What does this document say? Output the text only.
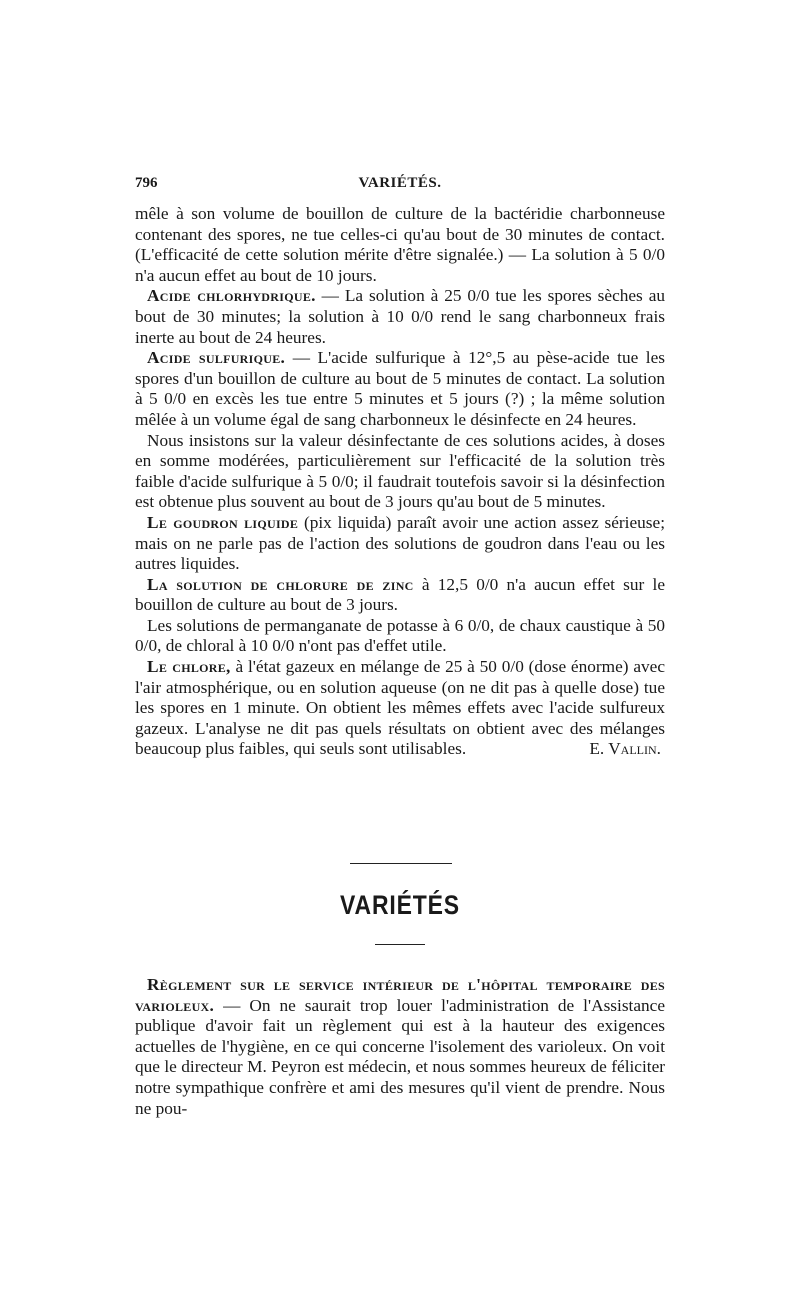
796	VARIÉTÉS.

mêle à son volume de bouillon de culture de la bactéridie charbonneuse contenant des spores, ne tue celles-ci qu'au bout de 30 minutes de contact. (L'efficacité de cette solution mérite d'être signalée.) — La solution à 5 0/0 n'a aucun effet au bout de 10 jours.

Acide chlorhydrique. — La solution à 25 0/0 tue les spores sèches au bout de 30 minutes; la solution à 10 0/0 rend le sang charbonneux frais inerte au bout de 24 heures.

Acide sulfurique. — L'acide sulfurique à 12°,5 au pèse-acide tue les spores d'un bouillon de culture au bout de 5 minutes de contact. La solution à 5 0/0 en excès les tue entre 5 minutes et 5 jours (?) ; la même solution mêlée à un volume égal de sang charbonneux le désinfecte en 24 heures.

Nous insistons sur la valeur désinfectante de ces solutions acides, à doses en somme modérées, particulièrement sur l'efficacité de la solution très faible d'acide sulfurique à 5 0/0; il faudrait toutefois savoir si la désinfection est obtenue plus souvent au bout de 3 jours qu'au bout de 5 minutes.

Le goudron liquide (pix liquida) paraît avoir une action assez sérieuse; mais on ne parle pas de l'action des solutions de goudron dans l'eau ou les autres liquides.

La solution de chlorure de zinc à 12,5 0/0 n'a aucun effet sur le bouillon de culture au bout de 3 jours.

Les solutions de permanganate de potasse à 6 0/0, de chaux caustique à 50 0/0, de chloral à 10 0/0 n'ont pas d'effet utile.

Le chlore, à l'état gazeux en mélange de 25 à 50 0/0 (dose énorme) avec l'air atmosphérique, ou en solution aqueuse (on ne dit pas à quelle dose) tue les spores en 1 minute. On obtient les mêmes effets avec l'acide sulfureux gazeux. L'analyse ne dit pas quels résultats on obtient avec des mélanges beaucoup plus faibles, qui seuls sont utilisables.	E. Vallin.

VARIÉTÉS

Règlement sur le service intérieur de l'hôpital temporaire des varioleux. — On ne saurait trop louer l'administration de l'Assistance publique d'avoir fait un règlement qui est à la hauteur des exigences actuelles de l'hygiène, en ce qui concerne l'isolement des varioleux. On voit que le directeur M. Peyron est médecin, et nous sommes heureux de féliciter notre sympathique confrère et ami des mesures qu'il vient de prendre. Nous ne pou-
